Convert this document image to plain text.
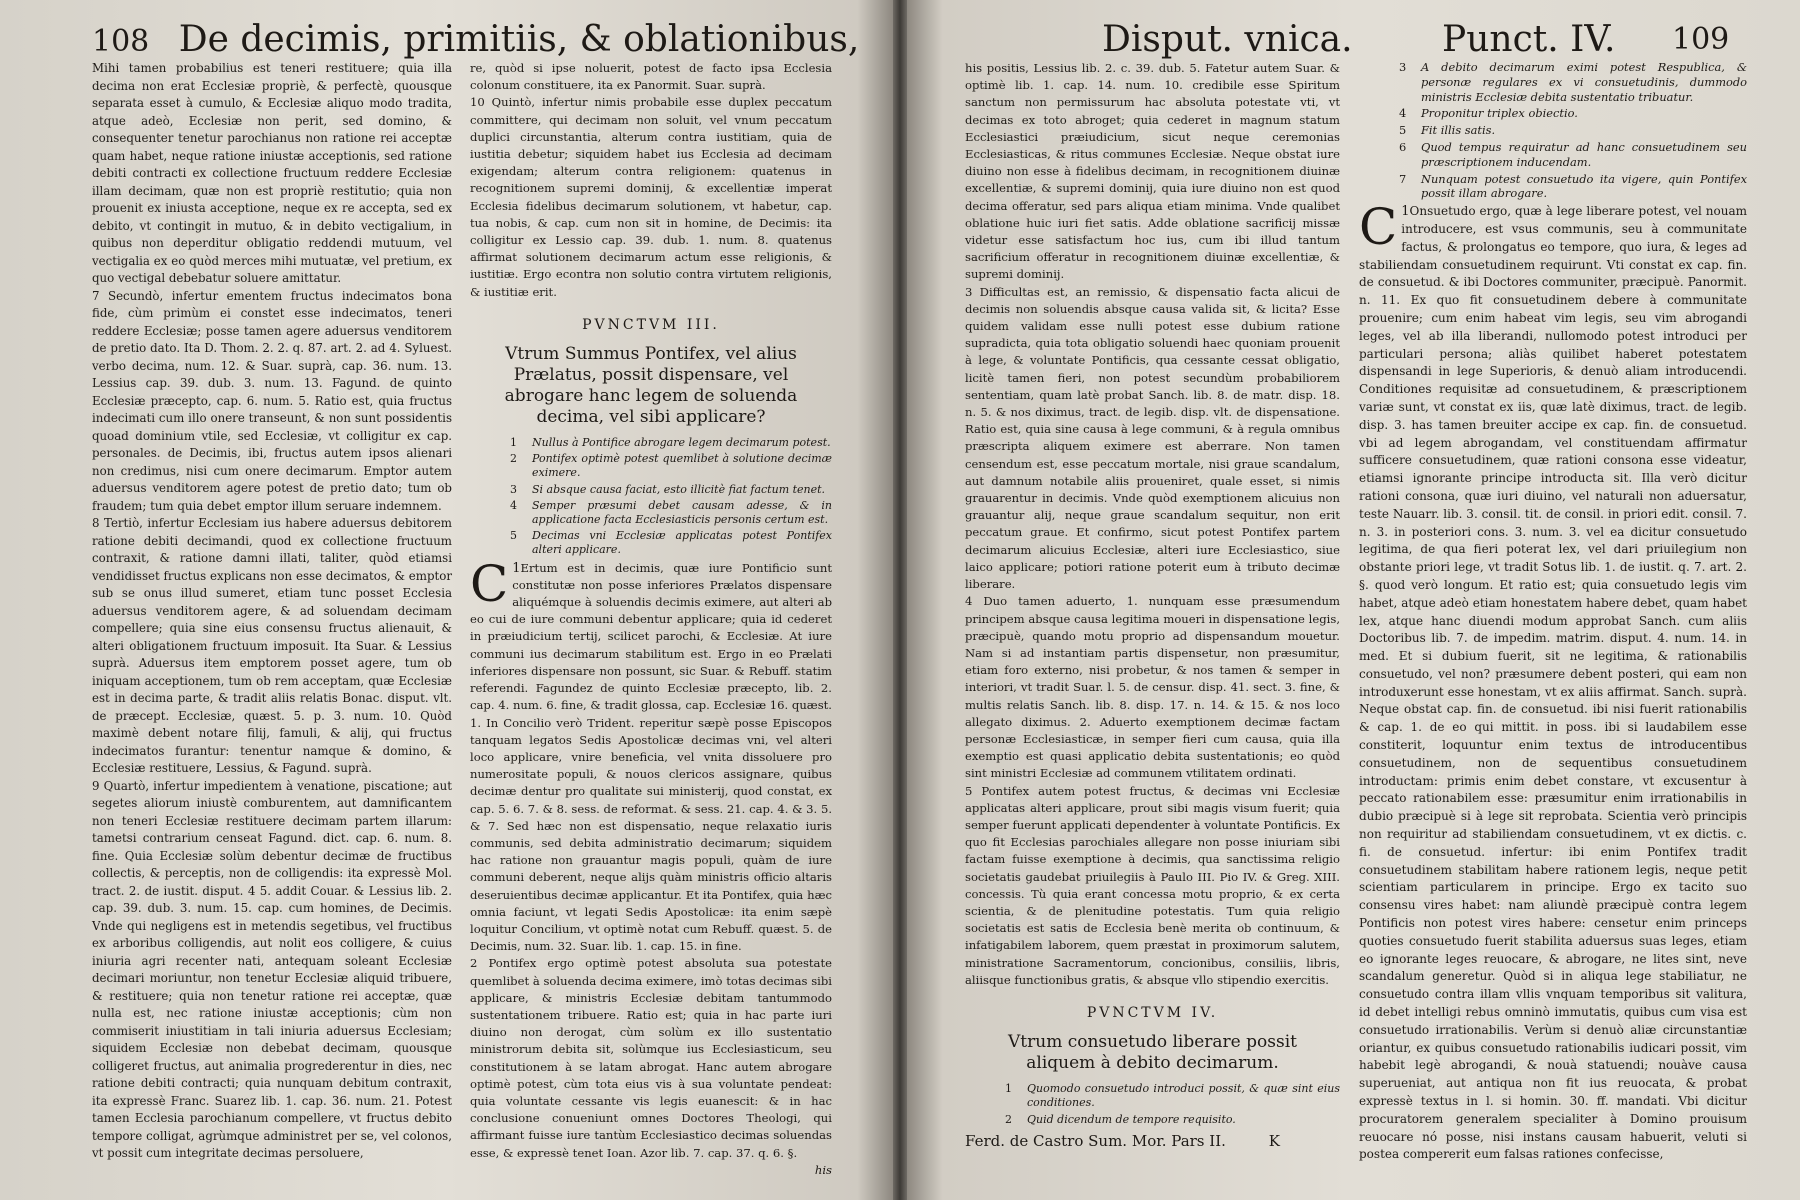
108 De decimis, primitiis, & oblationibus,

Mihi tamen probabilius est teneri restituere; quia illa decima non erat Ecclesiæ propriè, & perfectè, quousque separata esset à cumulo, & Ecclesiæ aliquo modo tradita, atque adeò, Ecclesiæ non perit, sed domino, & consequenter tenetur parochianus non ratione rei acceptæ quam habet, neque ratione iniustæ acceptionis, sed ratione debiti contracti ex collectione fructuum reddere Ecclesiæ illam decimam, quæ non est propriè restitutio; quia non prouenit ex iniusta acceptione, neque ex re accepta, sed ex debito, vt contingit in mutuo, & in debito vectigalium, in quibus non deperditur obligatio reddendi mutuum, vel vectigalia ex eo quòd merces mihi mutuatæ, vel pretium, ex quo vectigal debebatur soluere amittatur.

7 Secundò, infertur ementem fructus indecimatos bona fide, cùm primùm ei constet esse indecimatos, teneri reddere Ecclesiæ; posse tamen agere aduersus venditorem de pretio dato. Ita D. Thom. 2. 2. q. 87. art. 2. ad 4. Syluest. verbo decima, num. 12. & Suar. suprà, cap. 36. num. 13. Lessius cap. 39. dub. 3. num. 13. Fagund. de quinto Ecclesiæ præcepto, cap. 6. num. 5. Ratio est, quia fructus indecimati cum illo onere transeunt, & non sunt possidentis quoad dominium vtile, sed Ecclesiæ, vt colligitur ex cap. personales. de Decimis, ibi, fructus autem ipsos alienari non credimus, nisi cum onere decimarum. Emptor autem aduersus venditorem agere potest de pretio dato; tum ob fraudem; tum quia debet emptor illum seruare indemnem.

8 Tertiò, infertur Ecclesiam ius habere aduersus debitorem ratione debiti decimandi, quod ex collectione fructuum contraxit, & ratione damni illati, taliter, quòd etiamsi vendidisset fructus explicans non esse decimatos, & emptor sub se onus illud sumeret, etiam tunc posset Ecclesia aduersus venditorem agere, & ad soluendam decimam compellere; quia sine eius consensu fructus alienauit, & alteri obligationem fructuum imposuit. Ita Suar. & Lessius suprà. Aduersus item emptorem posset agere, tum ob iniquam acceptionem, tum ob rem acceptam, quæ Ecclesiæ est in decima parte, & tradit aliis relatis Bonac. disput. vlt. de præcept. Ecclesiæ, quæst. 5. p. 3. num. 10. Quòd maximè debent notare filij, famuli, & alij, qui fructus indecimatos furantur: tenentur namque & domino, & Ecclesiæ restituere, Lessius, & Fagund. suprà.

9 Quartò, infertur impedientem à venatione, piscatione; aut segetes aliorum iniustè comburentem, aut damnificantem non teneri Ecclesiæ restituere decimam partem illarum: tametsi contrarium censeat Fagund. dict. cap. 6. num. 8. fine. Quia Ecclesiæ solùm debentur decimæ de fructibus collectis, & perceptis, non de colligendis: ita expressè Mol. tract. 2. de iustit. disput. 4 5. addit Couar. & Lessius lib. 2. cap. 39. dub. 3. num. 15. cap. cum homines, de Decimis. Vnde qui negligens est in metendis segetibus, vel fructibus ex arboribus colligendis, aut nolit eos colligere, & cuius iniuria agri recenter nati, antequam soleant Ecclesiæ decimari moriuntur, non tenetur Ecclesiæ aliquid tribuere, & restituere; quia non tenetur ratione rei acceptæ, quæ nulla est, nec ratione iniustæ acceptionis; cùm non commiserit iniustitiam in tali iniuria aduersus Ecclesiam; siquidem Ecclesiæ non debebat decimam, quousque colligeret fructus, aut animalia progrederentur in dies, nec ratione debiti contracti; quia nunquam debitum contraxit, ita expressè Franc. Suarez lib. 1. cap. 36. num. 21. Potest tamen Ecclesia parochianum compellere, vt fructus debito tempore colligat, agrùmque administret per se, vel colonos, vt possit cum integritate decimas persoluere,

re, quòd si ipse noluerit, potest de facto ipsa Ecclesia colonum constituere, ita ex Panormit. Suar. suprà.

10 Quintò, infertur nimis probabile esse duplex peccatum committere, qui decimam non soluit, vel vnum peccatum duplici circunstantia, alterum contra iustitiam, quia de iustitia debetur; siquidem habet ius Ecclesia ad decimam exigendam; alterum contra religionem: quatenus in recognitionem supremi dominij, & excellentiæ imperat Ecclesia fidelibus decimarum solutionem, vt habetur, cap. tua nobis, & cap. cum non sit in homine, de Decimis: ita colligitur ex Lessio cap. 39. dub. 1. num. 8. quatenus affirmat solutionem decimarum actum esse religionis, & iustitiæ. Ergo econtra non solutio contra virtutem religionis, & iustitiæ erit.

PVNCTVM III.
Vtrum Summus Pontifex, vel alius Prælatus, possit dispensare, vel abrogare hanc legem de soluenda decima, vel sibi applicare?
1	Nullus à Pontifice abrogare legem decimarum potest.
2	Pontifex optimè potest quemlibet à solutione decimæ eximere.
3	Si absque causa faciat, esto illicitè fiat factum tenet.
4	Semper præsumi debet causam adesse, & in applicatione facta Ecclesiasticis personis certum est.
5	Decimas vni Ecclesiæ applicatas potest Pontifex alteri applicare.

1
C Ertum est in decimis, quæ iure Pontificio sunt constitutæ non posse inferiores Prælatos dispensare aliquémque à soluendis decimis eximere, aut alteri ab eo cui de iure communi debentur applicare; quia id cederet in præiudicium tertij, scilicet parochi, & Ecclesiæ. At iure communi ius decimarum stabilitum est. Ergo in eo Prælati inferiores dispensare non possunt, sic Suar. & Rebuff. statim referendi. Fagundez de quinto Ecclesiæ præcepto, lib. 2. cap. 4. num. 6. fine, & tradit glossa, cap. Ecclesiæ 16. quæst. 1. In Concilio verò Trident. reperitur sæpè posse Episcopos tanquam legatos Sedis Apostolicæ decimas vni, vel alteri loco applicare, vnire beneficia, vel vnita dissoluere pro numerositate populi, & nouos clericos assignare, quibus decimæ dentur pro qualitate sui ministerij, quod constat, ex cap. 5. 6. 7. & 8. sess. de reformat. & sess. 21. cap. 4. & 3. 5. & 7. Sed hæc non est dispensatio, neque relaxatio iuris communis, sed debita administratio decimarum; siquidem hac ratione non grauantur magis populi, quàm de iure communi deberent, neque alijs quàm ministris officio altaris deseruientibus decimæ applicantur. Et ita Pontifex, quia hæc omnia faciunt, vt legati Sedis Apostolicæ: ita enim sæpè loquitur Concilium, vt optimè notat cum Rebuff. quæst. 5. de Decimis, num. 32. Suar. lib. 1. cap. 15. in fine.

2 Pontifex ergo optimè potest absoluta sua potestate quemlibet à soluenda decima eximere, imò totas decimas sibi applicare, & ministris Ecclesiæ debitam tantummodo sustentationem tribuere. Ratio est; quia in hac parte iuri diuino non derogat, cùm solùm ex illo sustentatio ministrorum debita sit, solùmque ius Ecclesiasticum, seu constitutionem à se latam abrogat. Hanc autem abrogare optimè potest, cùm tota eius vis à sua voluntate pendeat: quia voluntate cessante vis legis euanescit: & in hac conclusione conueniunt omnes Doctores Theologi, qui affirmant fuisse iure tantùm Ecclesiastico decimas soluendas esse, & expressè tenet Ioan. Azor lib. 7. cap. 37. q. 6. §.

his
Disput. vnica. Punct. IV. 109

his positis, Lessius lib. 2. c. 39. dub. 5. Fatetur autem Suar. & optimè lib. 1. cap. 14. num. 10. credibile esse Spiritum sanctum non permissurum hac absoluta potestate vti, vt decimas ex toto abroget; quia cederet in magnum statum Ecclesiastici præiudicium, sicut neque ceremonias Ecclesiasticas, & ritus communes Ecclesiæ. Neque obstat iure diuino non esse à fidelibus decimam, in recognitionem diuinæ excellentiæ, & supremi dominij, quia iure diuino non est quod decima offeratur, sed pars aliqua etiam minima. Vnde qualibet oblatione huic iuri fiet satis. Adde oblatione sacrificij missæ videtur esse satisfactum hoc ius, cum ibi illud tantum sacrificium offeratur in recognitionem diuinæ excellentiæ, & supremi dominij.

3 Difficultas est, an remissio, & dispensatio facta alicui de decimis non soluendis absque causa valida sit, & licita? Esse quidem validam esse nulli potest esse dubium ratione supradicta, quia tota obligatio soluendi haec quoniam prouenit à lege, & voluntate Pontificis, qua cessante cessat obligatio, licitè tamen fieri, non potest secundùm probabiliorem sententiam, quam latè probat Sanch. lib. 8. de matr. disp. 18. n. 5. & nos diximus, tract. de legib. disp. vlt. de dispensatione. Ratio est, quia sine causa à lege communi, & à regula omnibus præscripta aliquem eximere est aberrare. Non tamen censendum est, esse peccatum mortale, nisi graue scandalum, aut damnum notabile aliis proueniret, quale esset, si nimis grauarentur in decimis. Vnde quòd exemptionem alicuius non grauantur alij, neque graue scandalum sequitur, non erit peccatum graue. Et confirmo, sicut potest Pontifex partem decimarum alicuius Ecclesiæ, alteri iure Ecclesiastico, siue laico applicare; potiori ratione poterit eum à tributo decimæ liberare.

4 Duo tamen aduerto, 1. nunquam esse præsumendum principem absque causa legitima moueri in dispensatione legis, præcipuè, quando motu proprio ad dispensandum mouetur. Nam si ad instantiam partis dispensetur, non præsumitur, etiam foro externo, nisi probetur, & nos tamen & semper in interiori, vt tradit Suar. l. 5. de censur. disp. 41. sect. 3. fine, & multis relatis Sanch. lib. 8. disp. 17. n. 14. & 15. & nos loco allegato diximus. 2. Aduerto exemptionem decimæ factam personæ Ecclesiasticæ, in semper fieri cum causa, quia illa exemptio est quasi applicatio debita sustentationis; eo quòd sint ministri Ecclesiæ ad communem vtilitatem ordinati.

5 Pontifex autem potest fructus, & decimas vni Ecclesiæ applicatas alteri applicare, prout sibi magis visum fuerit; quia semper fuerunt applicati dependenter à voluntate Pontificis. Ex quo fit Ecclesias parochiales allegare non posse iniuriam sibi factam fuisse exemptione à decimis, qua sanctissima religio societatis gaudebat priuilegiis à Paulo III. Pio IV. & Greg. XIII. concessis. Tù quia erant concessa motu proprio, & ex certa scientia, & de plenitudine potestatis. Tum quia religio societatis est satis de Ecclesia benè merita ob continuum, & infatigabilem laborem, quem præstat in proximorum salutem, ministratione Sacramentorum, concionibus, consiliis, libris, aliisque functionibus gratis, & absque vllo stipendio exercitis.

PVNCTVM IV.
Vtrum consuetudo liberare possit aliquem à debito decimarum.
1	Quomodo consuetudo introduci possit, & quæ sint eius conditiones.
2	Quid dicendum de tempore requisito.
Ferd. de Castro Sum. Mor. Pars II.	K
3	A debito decimarum eximi potest Respublica, & personæ regulares ex vi consuetudinis, dummodo ministris Ecclesiæ debita sustentatio tribuatur.
4	Proponitur triplex obiectio.
5	Fit illis satis.
6	Quod tempus requiratur ad hanc consuetudinem seu præscriptionem inducendam.
7	Nunquam potest consuetudo ita vigere, quin Pontifex possit illam abrogare.

1
C Onsuetudo ergo, quæ à lege liberare potest, vel nouam introducere, est vsus communis, seu à communitate factus, & prolongatus eo tempore, quo iura, & leges ad stabiliendam consuetudinem requirunt. Vti constat ex cap. fin. de consuetud. & ibi Doctores communiter, præcipuè. Panormit. n. 11. Ex quo fit consuetudinem debere à communitate prouenire; cum enim habeat vim legis, seu vim abrogandi leges, vel ab illa liberandi, nullomodo potest introduci per particulari persona; aliàs quilibet haberet potestatem dispensandi in lege Superioris, & denuò aliam introducendi. Conditiones requisitæ ad consuetudinem, & præscriptionem variæ sunt, vt constat ex iis, quæ latè diximus, tract. de legib. disp. 3. has tamen breuiter accipe ex cap. fin. de consuetud. vbi ad legem abrogandam, vel constituendam affirmatur sufficere consuetudinem, quæ rationi consona esse videatur, etiamsi ignorante principe introducta sit. Illa verò dicitur rationi consona, quæ iuri diuino, vel naturali non aduersatur, teste Nauarr. lib. 3. consil. tit. de consil. in priori edit. consil. 7. n. 3. in posteriori cons. 3. num. 3. vel ea dicitur consuetudo legitima, de qua fieri poterat lex, vel dari priuilegium non obstante priori lege, vt tradit Sotus lib. 1. de iustit. q. 7. art. 2. §. quod verò longum. Et ratio est; quia consuetudo legis vim habet, atque adeò etiam honestatem habere debet, quam habet lex, atque hanc diuendi modum approbat Sanch. cum aliis Doctoribus lib. 7. de impedim. matrim. disput. 4. num. 14. in med. Et si dubium fuerit, sit ne legitima, & rationabilis consuetudo, vel non? præsumere debent posteri, qui eam non introduxerunt esse honestam, vt ex aliis affirmat. Sanch. suprà. Neque obstat cap. fin. de consuetud. ibi nisi fuerit rationabilis & cap. 1. de eo qui mittit. in poss. ibi si laudabilem esse constiterit, loquuntur enim textus de introducentibus consuetudinem, non de sequentibus consuetudinem introductam: primis enim debet constare, vt excusentur à peccato rationabilem esse: præsumitur enim irrationabilis in dubio præcipuè si à lege sit reprobata. Scientia verò principis non requiritur ad stabiliendam consuetudinem, vt ex dictis. c. fi. de consuetud. infertur: ibi enim Pontifex tradit consuetudinem stabilitam habere rationem legis, neque petit scientiam particularem in principe. Ergo ex tacito suo consensu vires habet: nam aliundè præcipuè contra legem Pontificis non potest vires habere: censetur enim princeps quoties consuetudo fuerit stabilita aduersus suas leges, etiam eo ignorante leges reuocare, & abrogare, ne lites sint, neve scandalum generetur. Quòd si in aliqua lege stabiliatur, ne consuetudo contra illam vllis vnquam temporibus sit valitura, id debet intelligi rebus omninò immutatis, quibus cum visa est consuetudo irrationabilis. Verùm si denuò aliæ circunstantiæ oriantur, ex quibus consuetudo rationabilis iudicari possit, vim habebit legè abrogandi, & nouà statuendi; nouàve causa superueniat, aut antiqua non fit ius reuocata, & probat expressè textus in l. si homin. 30. ff. mandati. Vbi dicitur procuratorem generalem specialiter à Domino prouisum reuocare nó posse, nisi instans causam habuerit, veluti si postea compererit eum falsas rationes confecisse,
